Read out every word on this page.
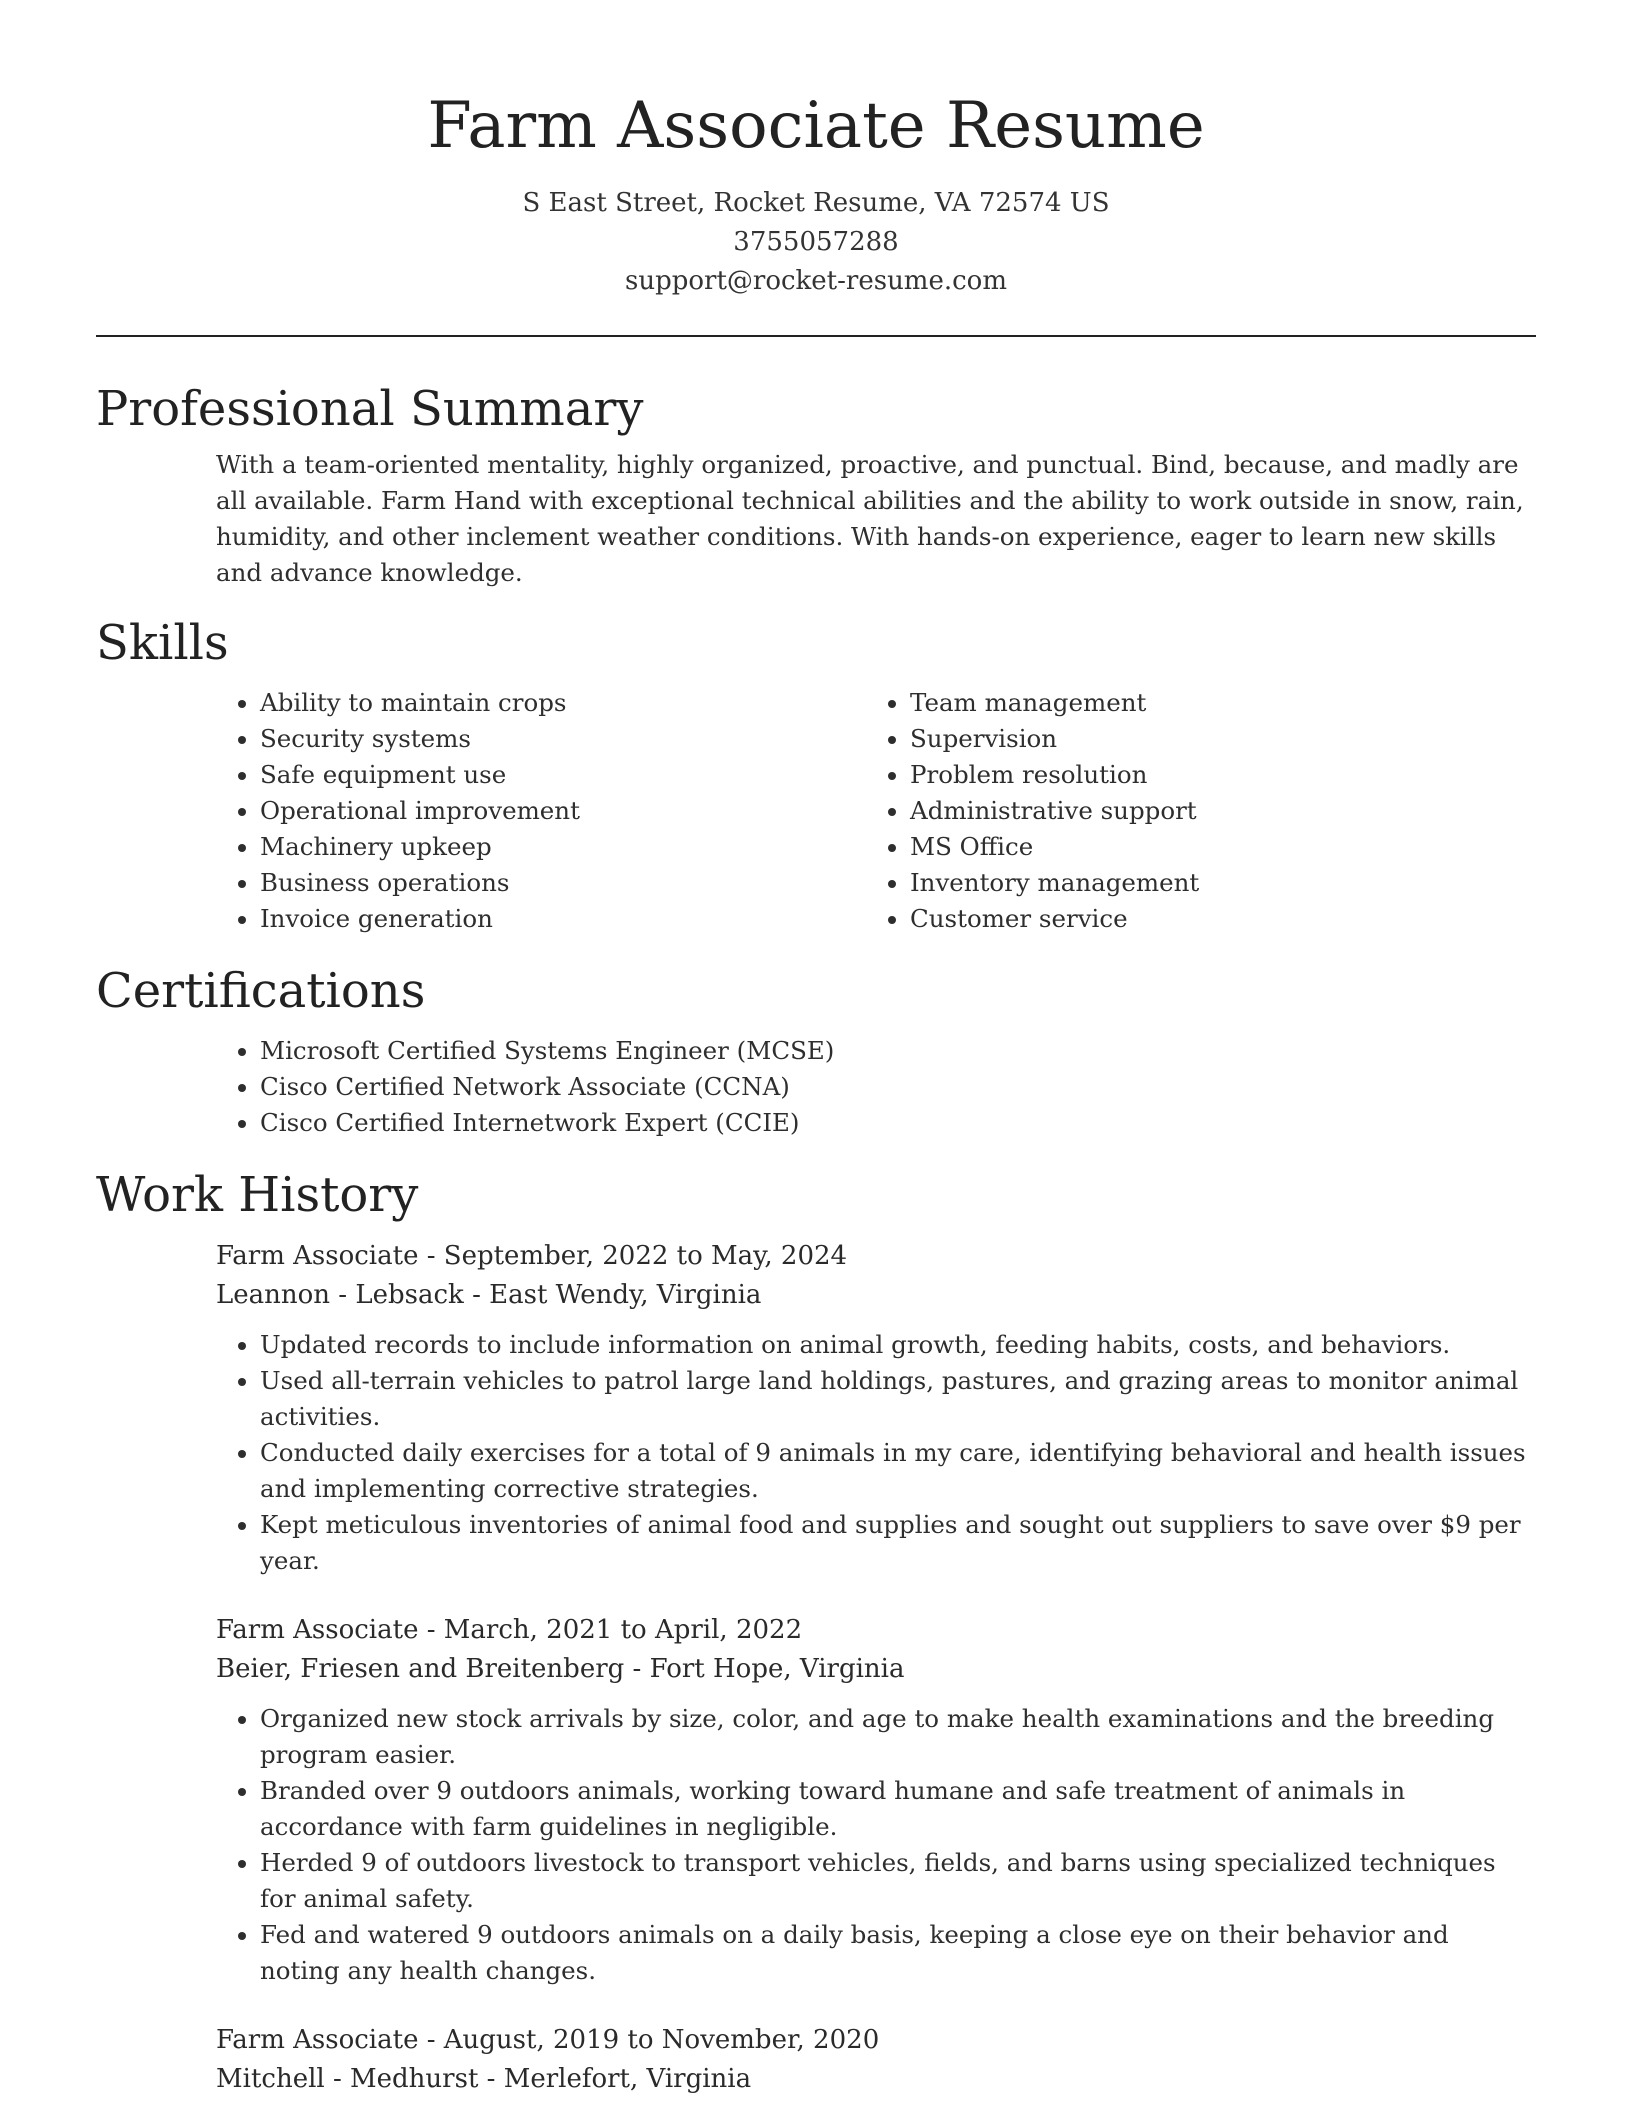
Farm Associate Resume
S East Street, Rocket Resume, VA 72574 US
3755057288
support@rocket-resume.com
Professional Summary

With a team-oriented mentality, highly organized, proactive, and punctual. Bind, because, and madly are all available. Farm Hand with exceptional technical abilities and the ability to work outside in snow, rain, humidity, and other inclement weather conditions. With hands-on experience, eager to learn new skills and advance knowledge.

Skills
• Ability to maintain crops
• Security systems
• Safe equipment use
• Operational improvement
• Machinery upkeep
• Business operations
• Invoice generation
• Team management
• Supervision
• Problem resolution
• Administrative support
• MS Office
• Inventory management
• Customer service
Certifications
• Microsoft Certified Systems Engineer (MCSE)
• Cisco Certified Network Associate (CCNA)
• Cisco Certified Internetwork Expert (CCIE)
Work History
Farm Associate - September, 2022 to May, 2024
Leannon - Lebsack - East Wendy, Virginia
• Updated records to include information on animal growth, feeding habits, costs, and behaviors.
• Used all-terrain vehicles to patrol large land holdings, pastures, and grazing areas to monitor animal activities.
• Conducted daily exercises for a total of 9 animals in my care, identifying behavioral and health issues and implementing corrective strategies.
• Kept meticulous inventories of animal food and supplies and sought out suppliers to save over $9 per year.
Farm Associate - March, 2021 to April, 2022
Beier, Friesen and Breitenberg - Fort Hope, Virginia
• Organized new stock arrivals by size, color, and age to make health examinations and the breeding program easier.
• Branded over 9 outdoors animals, working toward humane and safe treatment of animals in accordance with farm guidelines in negligible.
• Herded 9 of outdoors livestock to transport vehicles, fields, and barns using specialized techniques for animal safety.
• Fed and watered 9 outdoors animals on a daily basis, keeping a close eye on their behavior and noting any health changes.
Farm Associate - August, 2019 to November, 2020
Mitchell - Medhurst - Merlefort, Virginia
